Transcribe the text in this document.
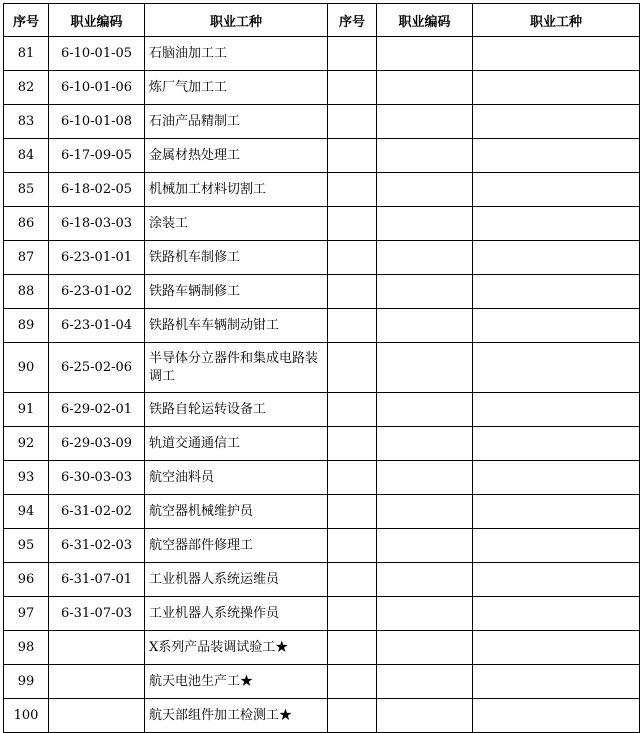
序号	职业编码	职业工种	序号	职业编码	职业工种
81	6-10-01-05	石脑油加工工			
82	6-10-01-06	炼厂气加工工			
83	6-10-01-08	石油产品精制工			
84	6-17-09-05	金属材热处理工			
85	6-18-02-05	机械加工材料切割工			
86	6-18-03-03	涂装工			
87	6-23-01-01	铁路机车制修工			
88	6-23-01-02	铁路车辆制修工			
89	6-23-01-04	铁路机车车辆制动钳工			
90	6-25-02-06	半导体分立器件和集成电路装调工			
91	6-29-02-01	铁路自轮运转设备工			
92	6-29-03-09	轨道交通通信工			
93	6-30-03-03	航空油料员			
94	6-31-02-02	航空器机械维护员			
95	6-31-02-03	航空器部件修理工			
96	6-31-07-01	工业机器人系统运维员			
97	6-31-07-03	工业机器人系统操作员			
98		X系列产品装调试验工★			
99		航天电池生产工★			
100		航天部组件加工检测工★			
